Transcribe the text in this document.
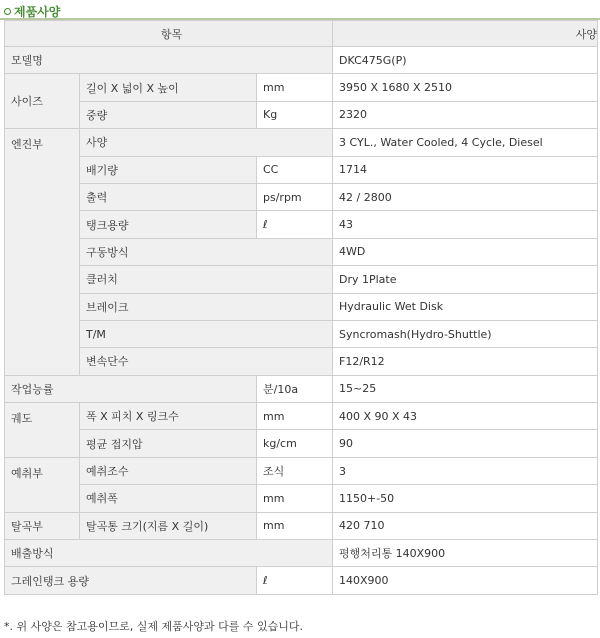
제품사양
항목			사양
모델명			DKC475G(P)
사이즈	길이 X 넓이 X 높이	mm	3950 X 1680 X 2510
	중량	Kg	2320
엔진부	사양		3 CYL., Water Cooled, 4 Cycle, Diesel
	배기량	CC	1714
	출력	ps/rpm	42 / 2800
	탱크용량	ℓ	43
	구동방식		4WD
	클러치		Dry 1Plate
	브레이크		Hydraulic Wet Disk
	T/M		Syncromash(Hydro-Shuttle)
	변속단수		F12/R12
작업능률		분/10a	15~25
궤도	폭 X 피치 X 링크수	mm	400 X 90 X 43
	평균 접지압	kg/cm	90
예취부	예취조수	조식	3
	예취폭	mm	1150+-50
탈곡부	탈곡통 크기(지름 X 길이)	mm	420 710
배출방식			평행처리통 140X900
그레인탱크 용량		ℓ	140X900
*. 위 사양은 참고용이므로, 실제 제품사양과 다를 수 있습니다.
